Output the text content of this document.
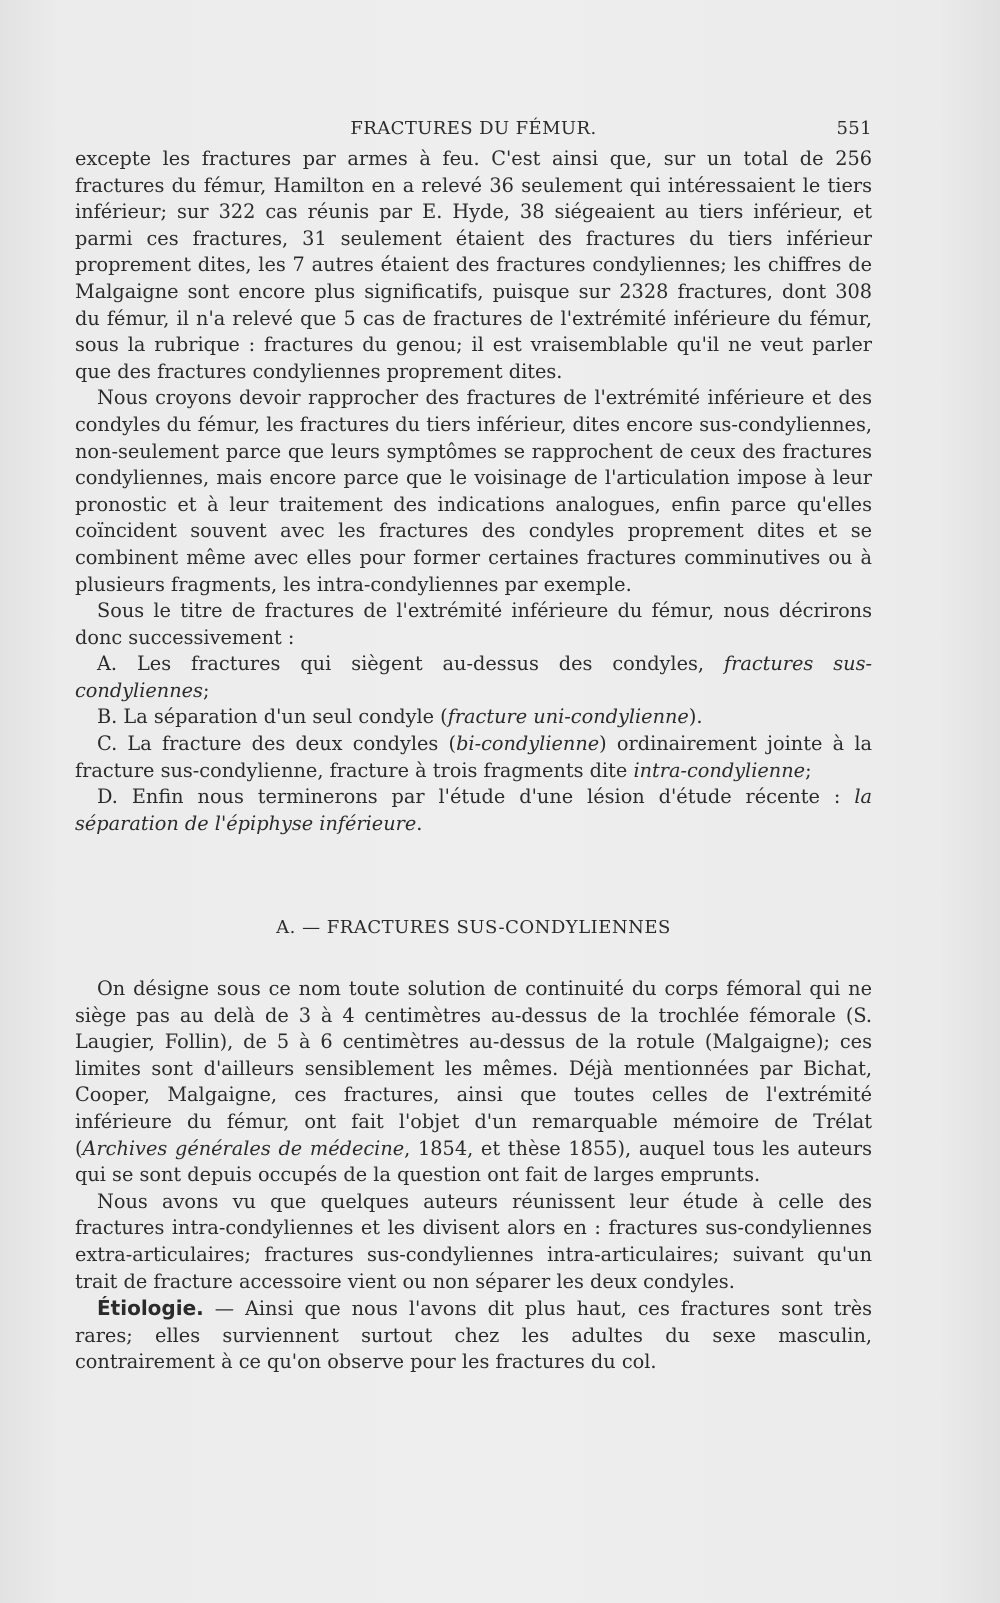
FRACTURES DU FÉMUR.	551

excepte les fractures par armes à feu. C'est ainsi que, sur un total de 256 fractures du fémur, Hamilton en a relevé 36 seulement qui intéressaient le tiers inférieur; sur 322 cas réunis par E. Hyde, 38 siégeaient au tiers inférieur, et parmi ces fractures, 31 seulement étaient des fractures du tiers inférieur proprement dites, les 7 autres étaient des fractures condyliennes; les chiffres de Malgaigne sont encore plus significatifs, puisque sur 2328 fractures, dont 308 du fémur, il n'a relevé que 5 cas de fractures de l'extrémité inférieure du fémur, sous la rubrique : fractures du genou; il est vraisemblable qu'il ne veut parler que des fractures condyliennes proprement dites.

Nous croyons devoir rapprocher des fractures de l'extrémité inférieure et des condyles du fémur, les fractures du tiers inférieur, dites encore sus-condyliennes, non-seulement parce que leurs symptômes se rapprochent de ceux des fractures condyliennes, mais encore parce que le voisinage de l'articulation impose à leur pronostic et à leur traitement des indications analogues, enfin parce qu'elles coïncident souvent avec les fractures des condyles proprement dites et se combinent même avec elles pour former certaines fractures comminutives ou à plusieurs fragments, les intra-condyliennes par exemple.

Sous le titre de fractures de l'extrémité inférieure du fémur, nous décrirons donc successivement :

A. Les fractures qui siègent au-dessus des condyles, fractures sus-condyliennes;

B. La séparation d'un seul condyle (fracture uni-condylienne).

C. La fracture des deux condyles (bi-condylienne) ordinairement jointe à la fracture sus-condylienne, fracture à trois fragments dite intra-condylienne;

D. Enfin nous terminerons par l'étude d'une lésion d'étude récente : la séparation de l'épiphyse inférieure.

A. — FRACTURES SUS-CONDYLIENNES

On désigne sous ce nom toute solution de continuité du corps fémoral qui ne siège pas au delà de 3 à 4 centimètres au-dessus de la trochlée fémorale (S. Laugier, Follin), de 5 à 6 centimètres au-dessus de la rotule (Malgaigne); ces limites sont d'ailleurs sensiblement les mêmes. Déjà mentionnées par Bichat, Cooper, Malgaigne, ces fractures, ainsi que toutes celles de l'extrémité inférieure du fémur, ont fait l'objet d'un remarquable mémoire de Trélat (Archives générales de médecine, 1854, et thèse 1855), auquel tous les auteurs qui se sont depuis occupés de la question ont fait de larges emprunts.

Nous avons vu que quelques auteurs réunissent leur étude à celle des fractures intra-condyliennes et les divisent alors en : fractures sus-condyliennes extra-articulaires; fractures sus-condyliennes intra-articulaires; suivant qu'un trait de fracture accessoire vient ou non séparer les deux condyles.

Étiologie. — Ainsi que nous l'avons dit plus haut, ces fractures sont très rares; elles surviennent surtout chez les adultes du sexe masculin, contrairement à ce qu'on observe pour les fractures du col.
